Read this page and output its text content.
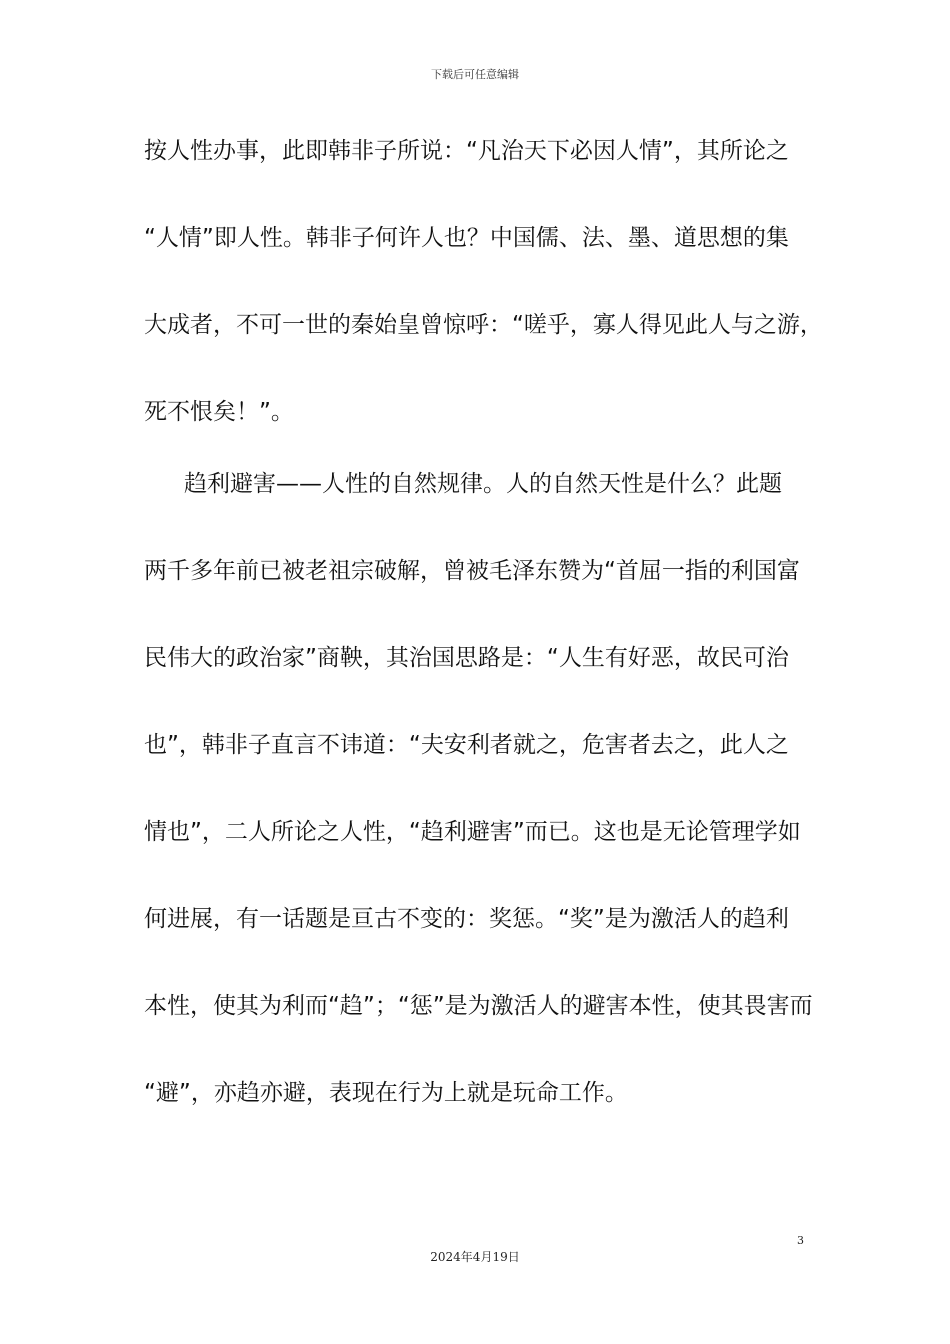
下载后可任意编辑
按人性办事，此即韩非子所说：“凡治天下必因人情”，其所论之
“人情”即人性。韩非子何许人也？中国儒、法、墨、道思想的集
大成者，不可一世的秦始皇曾惊呼：“嗟乎，寡人得见此人与之游，
死不恨矣！”。
趋利避害——人性的自然规律。人的自然天性是什么？此题
两千多年前已被老祖宗破解，曾被毛泽东赞为“首屈一指的利国富
民伟大的政治家”商鞅，其治国思路是：“人生有好恶，故民可治
也”，韩非子直言不讳道：“夫安利者就之，危害者去之，此人之
情也”，二人所论之人性，“趋利避害”而已。这也是无论管理学如
何进展，有一话题是亘古不变的：奖惩。“奖”是为激活人的趋利
本性，使其为利而“趋”；“惩”是为激活人的避害本性，使其畏害而
“避”，亦趋亦避，表现在行为上就是玩命工作。
3
2024年4月19日
